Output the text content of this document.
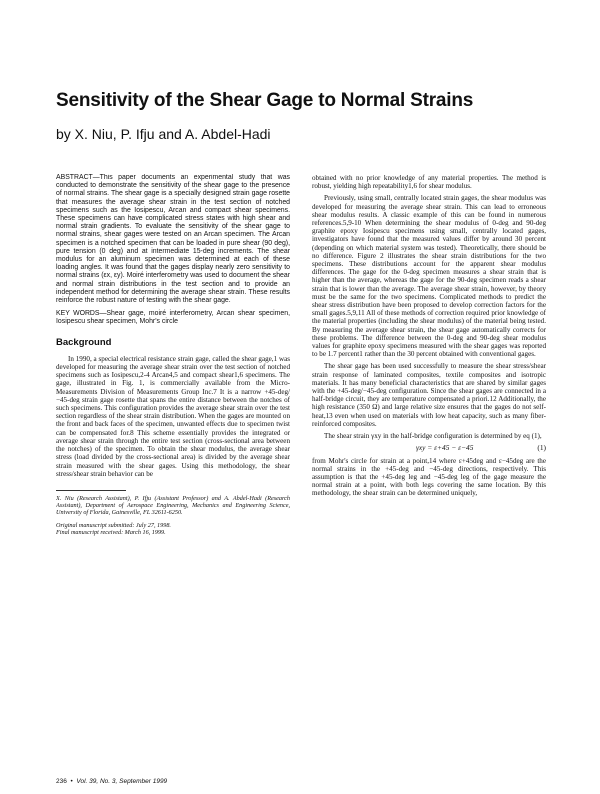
Sensitivity of the Shear Gage to Normal Strains
by X. Niu, P. Ifju and A. Abdel-Hadi

ABSTRACT—This paper documents an experimental study that was conducted to demonstrate the sensitivity of the shear gage to the presence of normal strains. The shear gage is a specially designed strain gage rosette that measures the average shear strain in the test section of notched specimens such as the Iosipescu, Arcan and compact shear specimens. These specimens can have complicated stress states with high shear and normal strain gradients. To evaluate the sensitivity of the shear gage to normal strains, shear gages were tested on an Arcan specimen. The Arcan specimen is a notched specimen that can be loaded in pure shear (90 deg), pure tension (0 deg) and at intermediate 15-deg increments. The shear modulus for an aluminum specimen was determined at each of these loading angles. It was found that the gages display nearly zero sensitivity to normal strains (εx, εy). Moiré interferometry was used to document the shear and normal strain distributions in the test section and to provide an independent method for determining the average shear strain. These results reinforce the robust nature of testing with the shear gage.

KEY WORDS—Shear gage, moiré interferometry, Arcan shear specimen, Iosipescu shear specimen, Mohr's circle

Background

In 1990, a special electrical resistance strain gage, called the shear gage,1 was developed for measuring the average shear strain over the test section of notched specimens such as Iosipescu,2-4 Arcan4,5 and compact shear1,6 specimens. The gage, illustrated in Fig. 1, is commercially available from the Micro-Measurements Division of Measurements Group Inc.7 It is a narrow +45-deg/−45-deg strain gage rosette that spans the entire distance between the notches of such specimens. This configuration provides the average shear strain over the test section regardless of the shear strain distribution. When the gages are mounted on the front and back faces of the specimen, unwanted effects due to specimen twist can be compensated for.8 This scheme essentially provides the integrated or average shear strain through the entire test section (cross-sectional area between the notches) of the specimen. To obtain the shear modulus, the average shear stress (load divided by the cross-sectional area) is divided by the average shear strain measured with the shear gages. Using this methodology, the shear stress/shear strain behavior can be

X. Niu (Research Assistant), P. Ifju (Assistant Professor) and A. Abdel-Hadi (Research Assistant), Department of Aerospace Engineering, Mechanics and Engineering Science, University of Florida, Gainesville, FL 32611-6250.

Original manuscript submitted: July 27, 1998.

Final manuscript received: March 16, 1999.

obtained with no prior knowledge of any material properties. The method is robust, yielding high repeatability1,6 for shear modulus.

Previously, using small, centrally located strain gages, the shear modulus was developed for measuring the average shear strain. This can lead to erroneous shear modulus results. A classic example of this can be found in numerous references.5,9-10 When determining the shear modulus of 0-deg and 90-deg graphite epoxy Iosipescu specimens using small, centrally located gages, investigators have found that the measured values differ by around 30 percent (depending on which material system was tested). Theoretically, there should be no difference. Figure 2 illustrates the shear strain distributions for the two specimens. These distributions account for the apparent shear modulus differences. The gage for the 0-deg specimen measures a shear strain that is higher than the average, whereas the gage for the 90-deg specimen reads a shear strain that is lower than the average. The average shear strain, however, by theory must be the same for the two specimens. Complicated methods to predict the shear stress distribution have been proposed to develop correction factors for the small gages.5,9,11 All of these methods of correction required prior knowledge of the material properties (including the shear modulus) of the material being tested. By measuring the average shear strain, the shear gage automatically corrects for these problems. The difference between the 0-deg and 90-deg shear modulus values for graphite epoxy specimens measured with the shear gages was reported to be 1.7 percent1 rather than the 30 percent obtained with conventional gages.

The shear gage has been used successfully to measure the shear stress/shear strain response of laminated composites, textile composites and isotropic materials. It has many beneficial characteristics that are shared by similar gages with the +45-deg/−45-deg configuration. Since the shear gages are connected in a half-bridge circuit, they are temperature compensated a priori.12 Additionally, the high resistance (350 Ω) and large relative size ensures that the gages do not self-heat,13 even when used on materials with low heat capacity, such as many fiber-reinforced composites.

The shear strain γxy in the half-bridge configuration is determined by eq (1),

γxy = ε+45 − ε−45	(1)

from Mohr's circle for strain at a point,14 where ε+45deg and ε−45deg are the normal strains in the +45-deg and −45-deg directions, respectively. This assumption is that the +45-deg leg and −45-deg leg of the gage measure the normal strain at a point, with both legs covering the same location. By this methodology, the shear strain can be determined uniquely,

236  •  Vol. 39, No. 3, September 1999
